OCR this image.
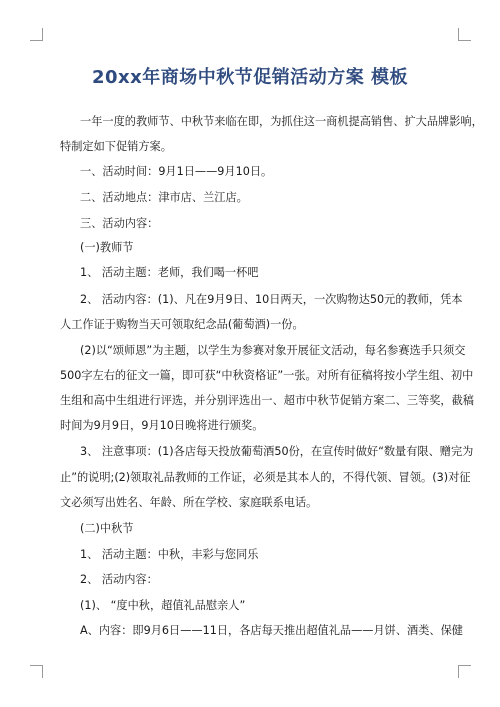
20xx年商场中秋节促销活动方案 模板
一年一度的教师节、中秋节来临在即，为抓住这一商机提高销售、扩大品牌影响，
特制定如下促销方案。
一、活动时间：9月1日——9月10日。
二、活动地点：津市店、兰江店。
三、活动内容：
(一)教师节
1、 活动主题：老师，我们喝一杯吧
2、 活动内容：(1)、凡在9月9日、10日两天，一次购物达50元的教师，凭本
人工作证于购物当天可领取纪念品(葡萄酒)一份。
(2)以“颂师恩”为主题，以学生为参赛对象开展征文活动，每名参赛选手只须交
500字左右的征文一篇，即可获“中秋资格证”一张。对所有征稿将按小学生组、初中
生组和高中生组进行评选，并分别评选出一、超市中秋节促销方案二、三等奖，截稿
时间为9月9日，9月10日晚将进行颁奖。
3、 注意事项：(1)各店每天投放葡萄酒50份，在宣传时做好“数量有限、赠完为
止”的说明;(2)领取礼品教师的工作证，必须是其本人的，不得代领、冒领。(3)对征
文必须写出姓名、年龄、所在学校、家庭联系电话。
(二)中秋节
1、 活动主题：中秋，丰彩与您同乐
2、 活动内容：
(1)、 “度中秋，超值礼品慰亲人”
A、内容：即9月6日——11日，各店每天推出超值礼品——月饼、酒类、保健
